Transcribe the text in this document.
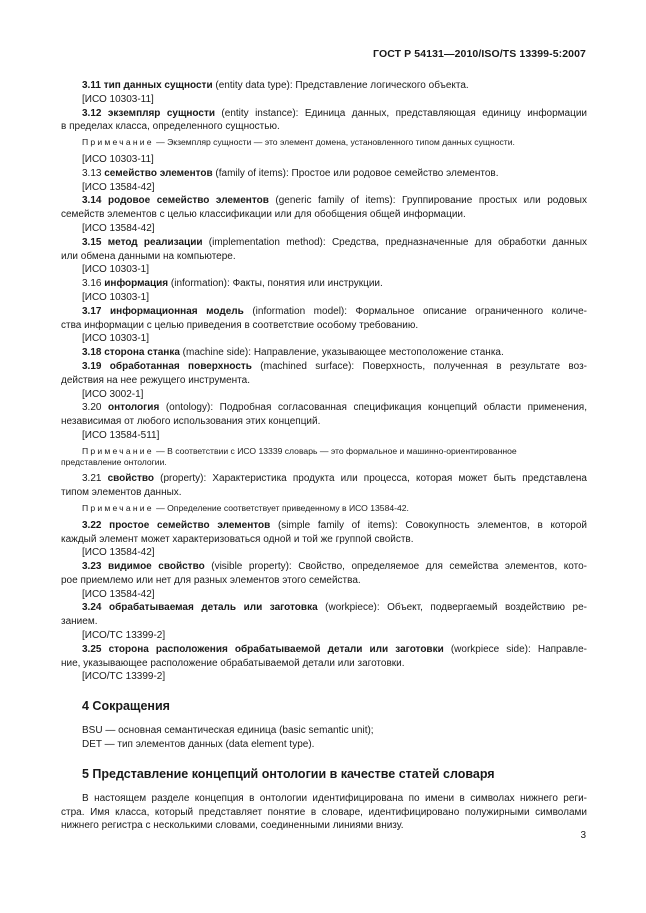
ГОСТ Р 54131—2010/ISO/TS 13399-5:2007
3.11 тип данных сущности (entity data type): Представление логического объекта.
[ИСО 10303-11]
3.12 экземпляр сущности (entity instance): Единица данных, представляющая единицу информации
в пределах класса, определенного сущностью.
Примечание — Экземпляр сущности — это элемент домена, установленного типом данных сущности.
[ИСО 10303-11]
3.13 семейство элементов (family of items): Простое или родовое семейство элементов.
[ИСО 13584-42]
3.14 родовое семейство элементов (generic family of items): Группирование простых или родовых
семейств элементов с целью классификации или для обобщения общей информации.
[ИСО 13584-42]
3.15 метод реализации (implementation method): Средства, предназначенные для обработки данных
или обмена данными на компьютере.
[ИСО 10303-1]
3.16 информация (information): Факты, понятия или инструкции.
[ИСО 10303-1]
3.17 информационная модель (information model): Формальное описание ограниченного количе-
ства информации с целью приведения в соответствие особому требованию.
[ИСО 10303-1]
3.18 сторона станка (machine side): Направление, указывающее местоположение станка.
3.19 обработанная поверхность (machined surface): Поверхность, полученная в результате воз-
действия на нее режущего инструмента.
[ИСО 3002-1]
3.20 онтология (ontology): Подробная согласованная спецификация концепций области применения,
независимая от любого использования этих концепций.
[ИСО 13584-511]
Примечание — В соответствии с ИСО 13339 словарь — это формальное и машинно-ориентированное
представление онтологии.
3.21 свойство (property): Характеристика продукта или процесса, которая может быть представлена
типом элементов данных.
Примечание — Определение соответствует приведенному в ИСО 13584-42.
3.22 простое семейство элементов (simple family of items): Совокупность элементов, в которой
каждый элемент может характеризоваться одной и той же группой свойств.
[ИСО 13584-42]
3.23 видимое свойство (visible property): Свойство, определяемое для семейства элементов, кото-
рое приемлемо или нет для разных элементов этого семейства.
[ИСО 13584-42]
3.24 обрабатываемая деталь или заготовка (workpiece): Объект, подвергаемый воздействию ре-
занием.
[ИСО/ТС 13399-2]
3.25 сторона расположения обрабатываемой детали или заготовки (workpiece side): Направле-
ние, указывающее расположение обрабатываемой детали или заготовки.
[ИСО/ТС 13399-2]
4 Сокращения
BSU — основная семантическая единица (basic semantic unit);
DET — тип элементов данных (data element type).
5 Представление концепций онтологии в качестве статей словаря
В настоящем разделе концепция в онтологии идентифицирована по имени в символах нижнего реги-
стра. Имя класса, который представляет понятие в словаре, идентифицировано полужирными символами
нижнего регистра с несколькими словами, соединенными линиями внизу.
3
